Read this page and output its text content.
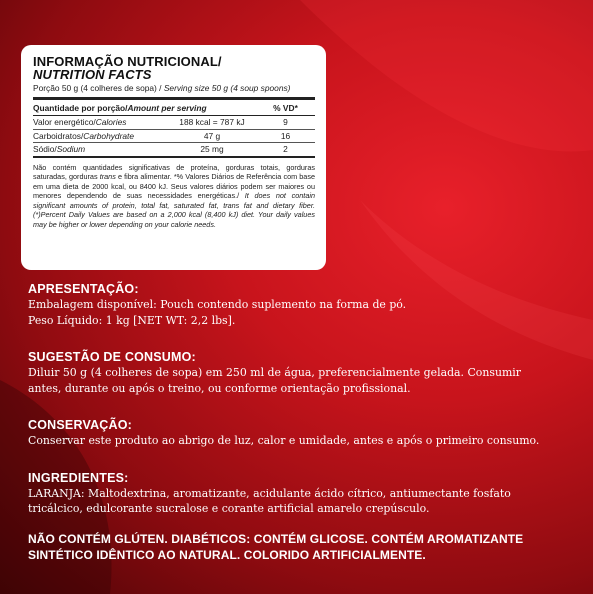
INFORMAÇÃO NUTRICIONAL/
NUTRITION FACTS
Porção 50 g (4 colheres de sopa) / Serving size 50 g (4 soup spoons)
Quantidade por porção/Amount per serving		% VD*
Valor energético/Calories	188 kcal = 787 kJ	9
Carboidratos/Carbohydrate	47 g	16
Sódio/Sodium	25 mg	2
Não contém quantidades significativas de proteína, gorduras totais, gorduras saturadas, gorduras trans e fibra alimentar. *% Valores Diários de Referência com base em uma dieta de 2000 kcal, ou 8400 kJ. Seus valores diários podem ser maiores ou menores dependendo de suas necessidades energéticas./ It does not contain significant amounts of protein, total fat, saturated fat, trans fat and dietary fiber. (*)Percent Daily Values are based on a 2,000 kcal (8,400 kJ) diet. Your daily values may be higher or lower depending on your calorie needs.

APRESENTAÇÃO:

Embalagem disponível: Pouch contendo suplemento na forma de pó.

Peso Líquido: 1 kg [NET WT: 2,2 lbs].

SUGESTÃO DE CONSUMO:

Diluir 50 g (4 colheres de sopa) em 250 ml de água, preferencialmente gelada. Consumir

antes, durante ou após o treino, ou conforme orientação profissional.

CONSERVAÇÃO:

Conservar este produto ao abrigo de luz, calor e umidade, antes e após o primeiro consumo.

INGREDIENTES:

LARANJA: Maltodextrina, aromatizante, acidulante ácido cítrico, antiumectante fosfato

tricálcico, edulcorante sucralose e corante artificial amarelo crepúsculo.

NÃO CONTÉM GLÚTEN. DIABÉTICOS: CONTÉM GLICOSE. CONTÉM AROMATIZANTE
SINTÉTICO IDÊNTICO AO NATURAL. COLORIDO ARTIFICIALMENTE.
